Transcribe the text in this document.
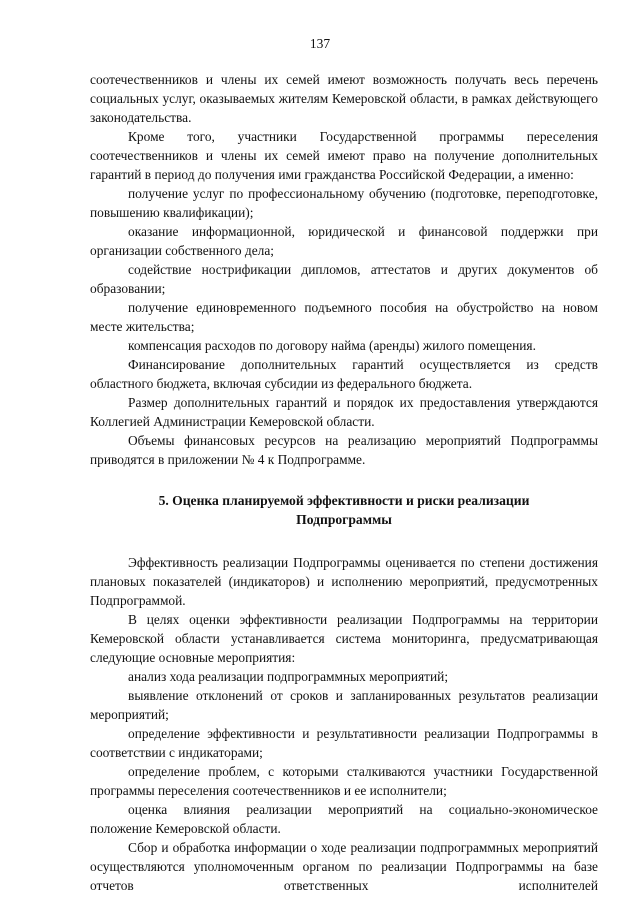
137

соотечественников и члены их семей имеют возможность получать весь перечень социальных услуг, оказываемых жителям Кемеровской области, в рамках действующего законодательства.

Кроме того, участники Государственной программы переселения соотечественников и члены их семей имеют право на получение дополнительных гарантий в период до получения ими гражданства Российской Федерации, а именно:

получение услуг по профессиональному обучению (подготовке, переподготовке, повышению квалификации);

оказание информационной, юридической и финансовой поддержки при организации собственного дела;

содействие нострификации дипломов, аттестатов и других документов об образовании;

получение единовременного подъемного пособия на обустройство на новом месте жительства;

компенсация расходов по договору найма (аренды) жилого помещения.

Финансирование дополнительных гарантий осуществляется из средств областного бюджета, включая субсидии из федерального бюджета.

Размер дополнительных гарантий и порядок их предоставления утверждаются Коллегией Администрации Кемеровской области.

Объемы финансовых ресурсов на реализацию мероприятий Подпрограммы приводятся в приложении № 4 к Подпрограмме.

5. Оценка планируемой эффективности и риски реализации
Подпрограммы

Эффективность реализации Подпрограммы оценивается по степени достижения плановых показателей (индикаторов) и исполнению мероприятий, предусмотренных Подпрограммой.

В целях оценки эффективности реализации Подпрограммы на территории Кемеровской области устанавливается система мониторинга, предусматривающая следующие основные мероприятия:

анализ хода реализации подпрограммных мероприятий;

выявление отклонений от сроков и запланированных результатов реализации мероприятий;

определение эффективности и результативности реализации Подпрограммы в соответствии с индикаторами;

определение проблем, с которыми сталкиваются участники Государственной программы переселения соотечественников и ее исполнители;

оценка влияния реализации мероприятий на социально-экономическое положение Кемеровской области.

Сбор и обработка информации о ходе реализации подпрограммных мероприятий осуществляются уполномоченным органом по реализации Подпрограммы на базе отчетов ответственных исполнителей
